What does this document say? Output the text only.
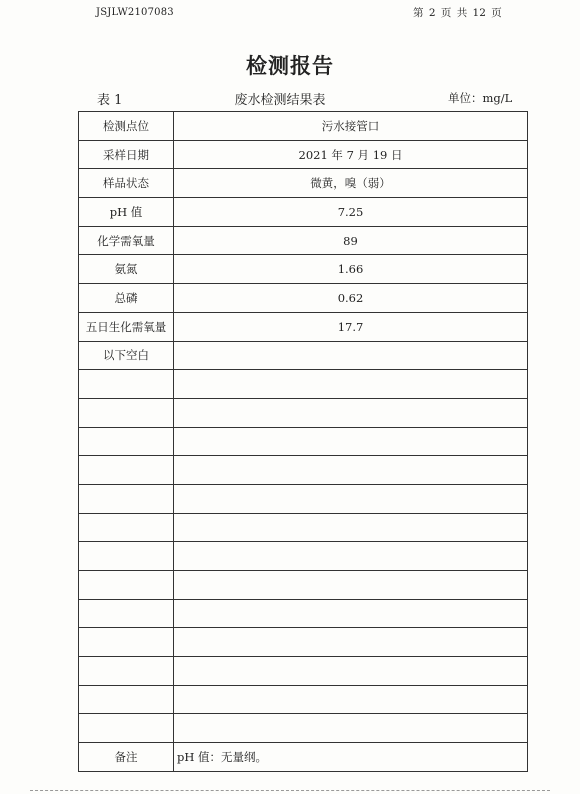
JSJLW2107083	第 2 页 共 12 页
检测报告
表 1	废水检测结果表	单位：mg/L
检测点位	污水接管口
采样日期	2021 年 7 月 19 日
样品状态	微黄，嗅（弱）
pH 值	7.25
化学需氧量	89
氨氮	1.66
总磷	0.62
五日生化需氧量	17.7
以下空白	

备注	pH 值：无量纲。
